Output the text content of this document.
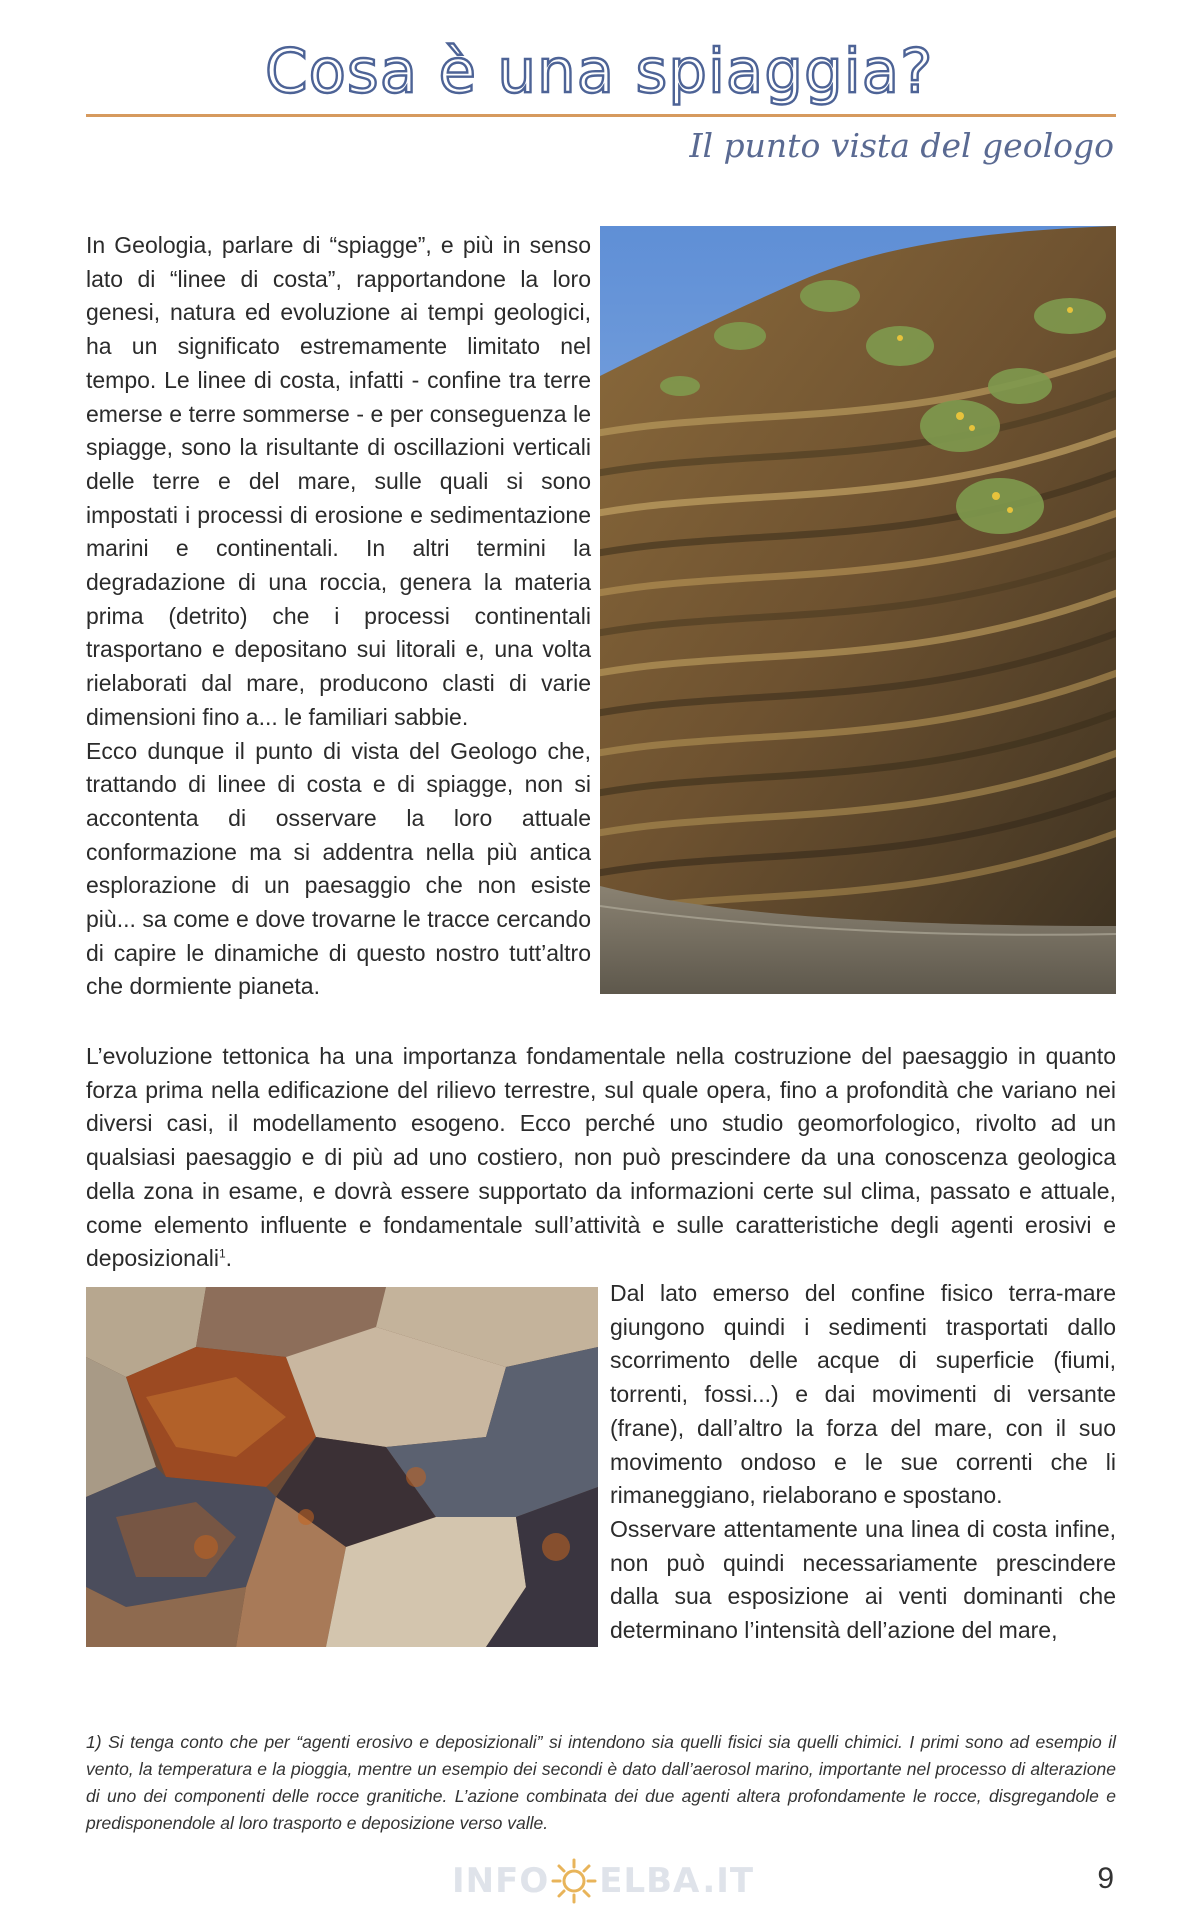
Cosa è una spiaggia?
Il punto vista del geologo

In Geologia, parlare di “spiagge”, e più in senso lato di “linee di costa”, rapportandone la loro genesi, natura ed evoluzione ai tempi geologici, ha un significato estremamente limitato nel tempo. Le linee di costa, infatti - confine tra terre emerse e terre sommerse - e per conseguenza le spiagge, sono la risultante di oscillazioni verticali delle terre e del mare, sulle quali si sono impostati i processi di erosione e sedimentazione marini e continentali. In altri termini la degradazione di una roccia, genera la materia prima (detrito) che i processi continentali trasportano e depositano sui litorali e, una volta rielaborati dal mare, producono clasti di varie dimensioni fino a... le familiari sabbie.
Ecco dunque il punto di vista del Geologo che, trattando di linee di costa e di spiagge, non si accontenta di osservare la loro attuale conformazione ma si addentra nella più antica esplorazione di un paesaggio che non esiste più... sa come e dove trovarne le tracce cercando di capire le dinamiche di questo nostro tutt’altro che dormiente pianeta.

L’evoluzione tettonica ha una importanza fondamentale nella costruzione del paesaggio in quanto forza prima nella edificazione del rilievo terrestre, sul quale opera, fino a profondità che variano nei diversi casi, il modellamento esogeno. Ecco perché uno studio geomorfologico, rivolto ad un qualsiasi paesaggio e di più ad uno costiero, non può prescindere da una conoscenza geologica della zona in esame, e dovrà essere supportato da informazioni certe sul clima, passato e attuale, come elemento influente e fondamentale sull’attività e sulle caratteristiche degli agenti erosivi e deposizionali$^1$.

Dal lato emerso del confine fisico terra-mare giungono quindi i sedimenti trasportati dallo scorrimento delle acque di superficie (fiumi, torrenti, fossi...) e dai movimenti di versante (frane), dall’altro la forza del mare, con il suo movimento ondoso e le sue correnti che li rimaneggiano, rielaborano e spostano.
Osservare attentamente una linea di costa infine, non può quindi necessariamente prescindere dalla sua esposizione ai venti dominanti che determinano l’intensità dell’azione del mare,

1) Si tenga conto che per “agenti erosivo e deposizionali” si intendono sia quelli fisici sia quelli chimici. I primi sono ad esempio il vento, la temperatura e la pioggia, mentre un esempio dei secondi è dato dall’aerosol marino, importante nel processo di alterazione di uno dei componenti delle rocce granitiche. L’azione combinata dei due agenti altera profondamente le rocce, disgregandole e predisponendole al loro trasporto e deposizione verso valle.

INFO ELBA .IT	9
